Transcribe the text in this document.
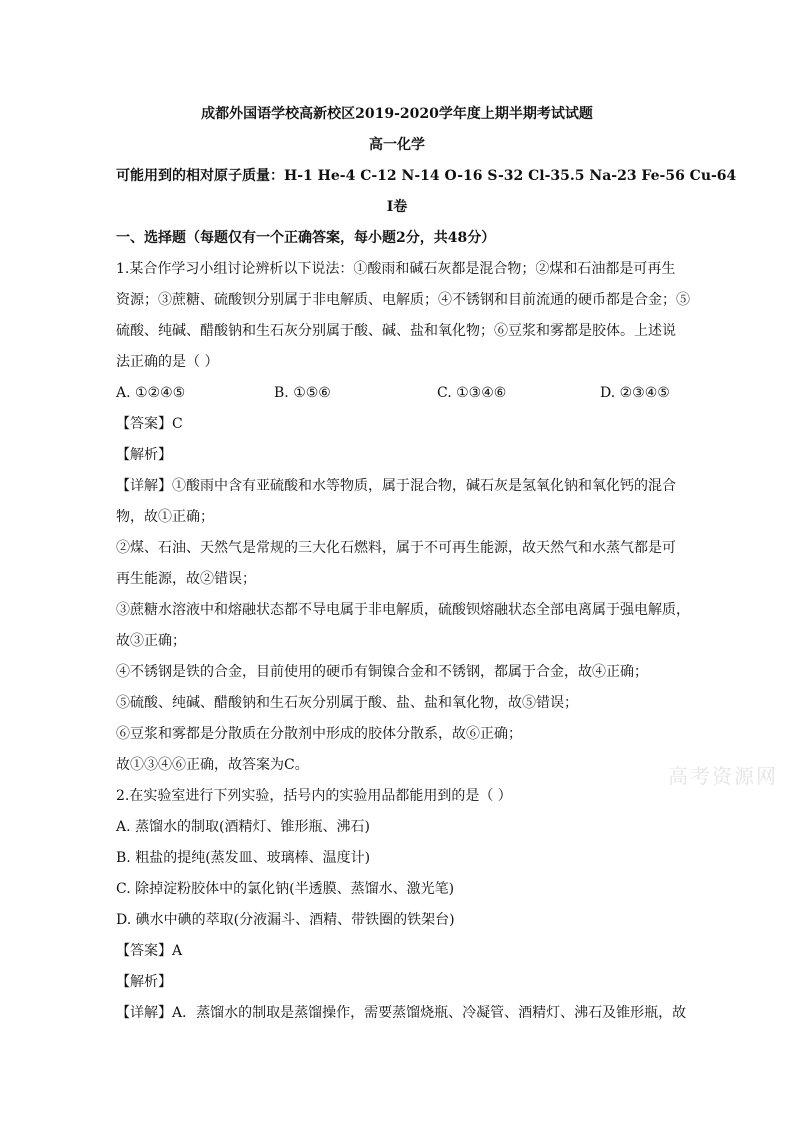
成都外国语学校高新校区2019-2020学年度上期半期考试试题
高一化学
可能用到的相对原子质量：H-1 He-4 C-12 N-14 O-16 S-32 Cl-35.5 Na-23 Fe-56 Cu-64
I卷
一、选择题（每题仅有一个正确答案，每小题2分，共48分）
1.某合作学习小组讨论辨析以下说法：①酸雨和碱石灰都是混合物；②煤和石油都是可再生
资源；③蔗糖、硫酸钡分别属于非电解质、电解质；④不锈钢和目前流通的硬币都是合金；⑤
硫酸、纯碱、醋酸钠和生石灰分别属于酸、碱、盐和氧化物；⑥豆浆和雾都是胶体。上述说
法正确的是（ ）
A. ①②④⑤	B. ①⑤⑥	C. ①③④⑥	D. ②③④⑤
【答案】C
【解析】
【详解】①酸雨中含有亚硫酸和水等物质，属于混合物，碱石灰是氢氧化钠和氧化钙的混合
物，故①正确；
②煤、石油、天然气是常规的三大化石燃料，属于不可再生能源，故天然气和水蒸气都是可
再生能源，故②错误；
③蔗糖水溶液中和熔融状态都不导电属于非电解质，硫酸钡熔融状态全部电离属于强电解质，
故③正确；
④不锈钢是铁的合金，目前使用的硬币有铜镍合金和不锈钢，都属于合金，故④正确；
⑤硫酸、纯碱、醋酸钠和生石灰分别属于酸、盐、盐和氧化物，故⑤错误；
⑥豆浆和雾都是分散质在分散剂中形成的胶体分散系，故⑥正确；
故①③④⑥正确，故答案为C。
2.在实验室进行下列实验，括号内的实验用品都能用到的是（ ）
A. 蒸馏水的制取(酒精灯、锥形瓶、沸石)
B. 粗盐的提纯(蒸发皿、玻璃棒、温度计)
C. 除掉淀粉胶体中的氯化钠(半透膜、蒸馏水、激光笔)
D. 碘水中碘的萃取(分液漏斗、酒精、带铁圈的铁架台)
【答案】A
【解析】
【详解】A．蒸馏水的制取是蒸馏操作，需要蒸馏烧瓶、冷凝管、酒精灯、沸石及锥形瓶，故
高考资源网
